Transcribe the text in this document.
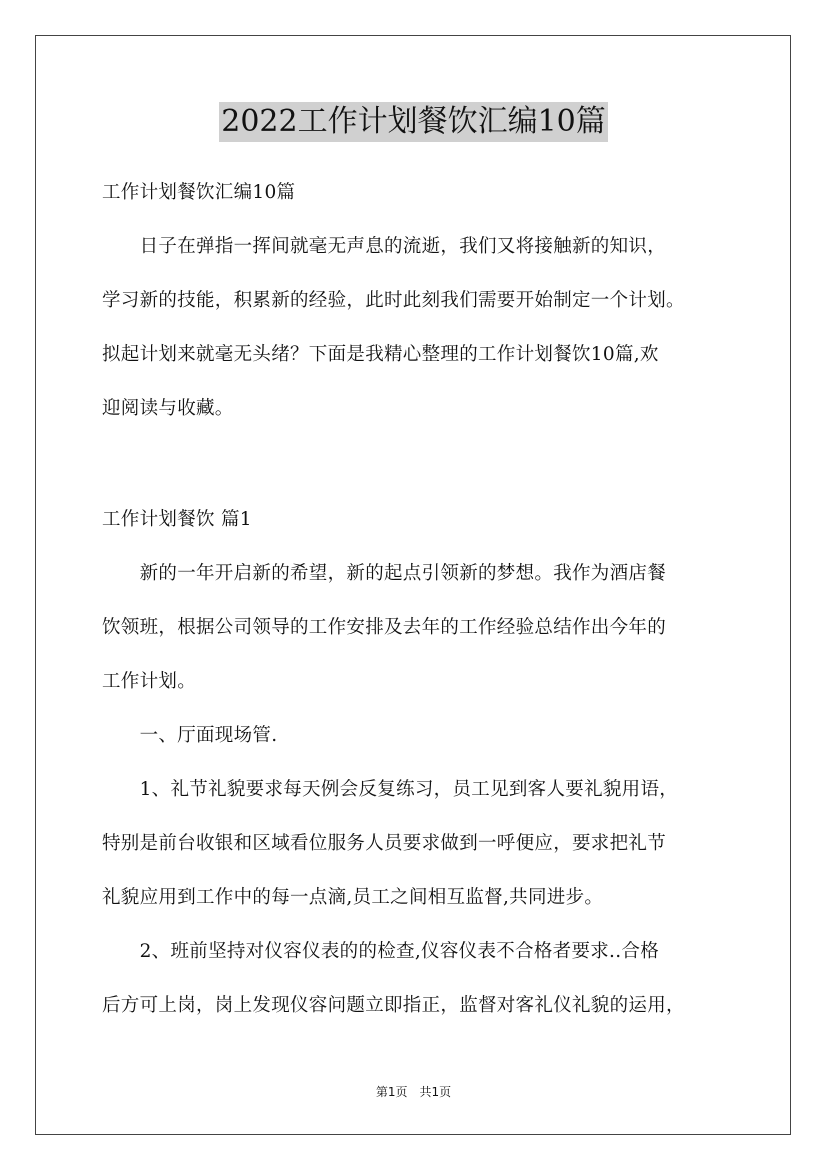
2022工作计划餐饮汇编10篇
工作计划餐饮汇编10篇
　　日子在弹指一挥间就毫无声息的流逝，我们又将接触新的知识，
学习新的技能，积累新的经验，此时此刻我们需要开始制定一个计划。
拟起计划来就毫无头绪？下面是我精心整理的工作计划餐饮10篇,欢
迎阅读与收藏。
工作计划餐饮 篇1
　　新的一年开启新的希望，新的起点引领新的梦想。我作为酒店餐
饮领班，根据公司领导的工作安排及去年的工作经验总结作出今年的
工作计划。
　　一、厅面现场管.
　　1、礼节礼貌要求每天例会反复练习，员工见到客人要礼貌用语，
特别是前台收银和区域看位服务人员要求做到一呼便应，要求把礼节
礼貌应用到工作中的每一点滴,员工之间相互监督,共同进步。
　　2、班前坚持对仪容仪表的的检查,仪容仪表不合格者要求..合格
后方可上岗，岗上发现仪容问题立即指正，监督对客礼仪礼貌的运用，
第1页　共1页
